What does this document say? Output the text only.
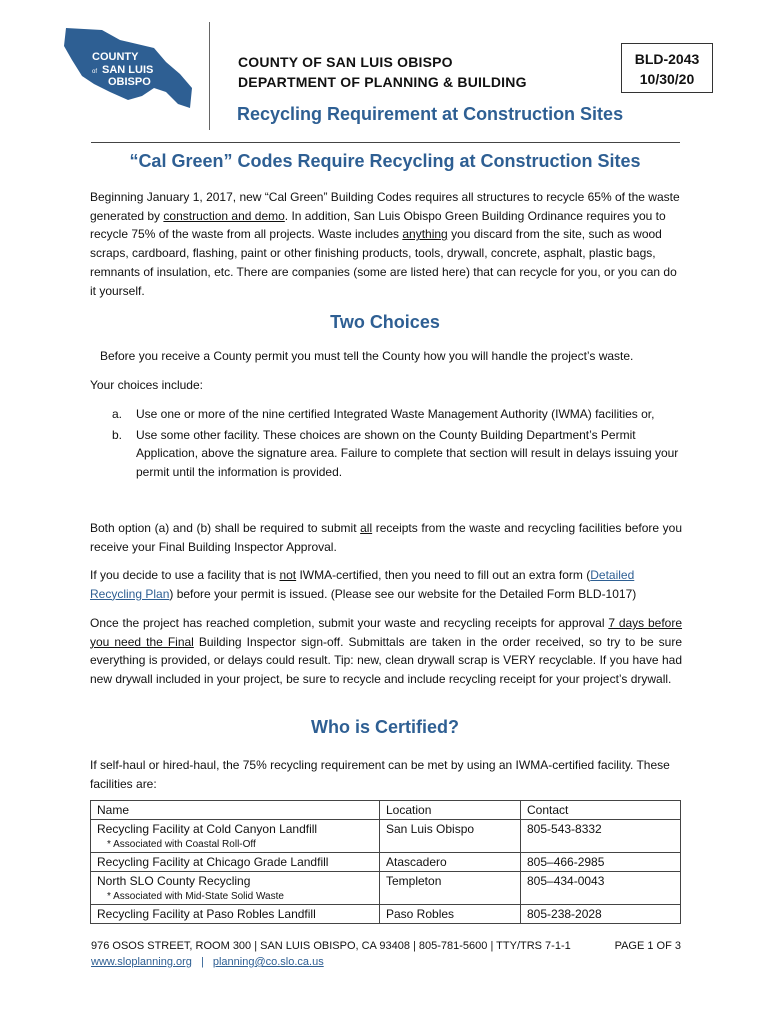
COUNTY
of SAN LUIS
OBISPO
COUNTY OF SAN LUIS OBISPO
DEPARTMENT OF PLANNING & BUILDING
BLD-2043
10/30/20
Recycling Requirement at Construction Sites
“Cal Green” Codes Require Recycling at Construction Sites

Beginning January 1, 2017, new “Cal Green” Building Codes requires all structures to recycle 65% of the waste generated by construction and demo. In addition, San Luis Obispo Green Building Ordinance requires you to recycle 75% of the waste from all projects. Waste includes anything you discard from the site, such as wood scraps, cardboard, flashing, paint or other finishing products, tools, drywall, concrete, asphalt, plastic bags, remnants of insulation, etc. There are companies (some are listed here) that can recycle for you, or you can do it yourself.

Two Choices

Before you receive a County permit you must tell the County how you will handle the project’s waste.

Your choices include:

a. Use one or more of the nine certified Integrated Waste Management Authority (IWMA) facilities or,
b. Use some other facility. These choices are shown on the County Building Department’s Permit Application, above the signature area. Failure to complete that section will result in delays issuing your permit until the information is provided.

Both option (a) and (b) shall be required to submit all receipts from the waste and recycling facilities before you receive your Final Building Inspector Approval.

If you decide to use a facility that is not IWMA-certified, then you need to fill out an extra form (Detailed Recycling Plan) before your permit is issued. (Please see our website for the Detailed Form BLD-1017)

Once the project has reached completion, submit your waste and recycling receipts for approval 7 days before you need the Final Building Inspector sign-off. Submittals are taken in the order received, so try to be sure everything is provided, or delays could result. Tip: new, clean drywall scrap is VERY recyclable. If you have had new drywall included in your project, be sure to recycle and include recycling receipt for your project’s drywall.

Who is Certified?

If self-haul or hired-haul, the 75% recycling requirement can be met by using an IWMA-certified facility. These facilities are:

Name	Location	Contact

Recycling Facility at Cold Canyon Landfill
* Associated with Coastal Roll-Off	San Luis Obispo	805-543-8332

Recycling Facility at Chicago Grade Landfill	Atascadero	805–466-2985

North SLO County Recycling
* Associated with Mid-State Solid Waste	Templeton	805–434-0043

Recycling Facility at Paso Robles Landfill	Paso Robles	805-238-2028
976 OSOS STREET, ROOM 300 | SAN LUIS OBISPO, CA 93408 | 805-781-5600 | TTY/TRS 7-1-1	PAGE 1 OF 3
www.sloplanning.org | planning@co.slo.ca.us
